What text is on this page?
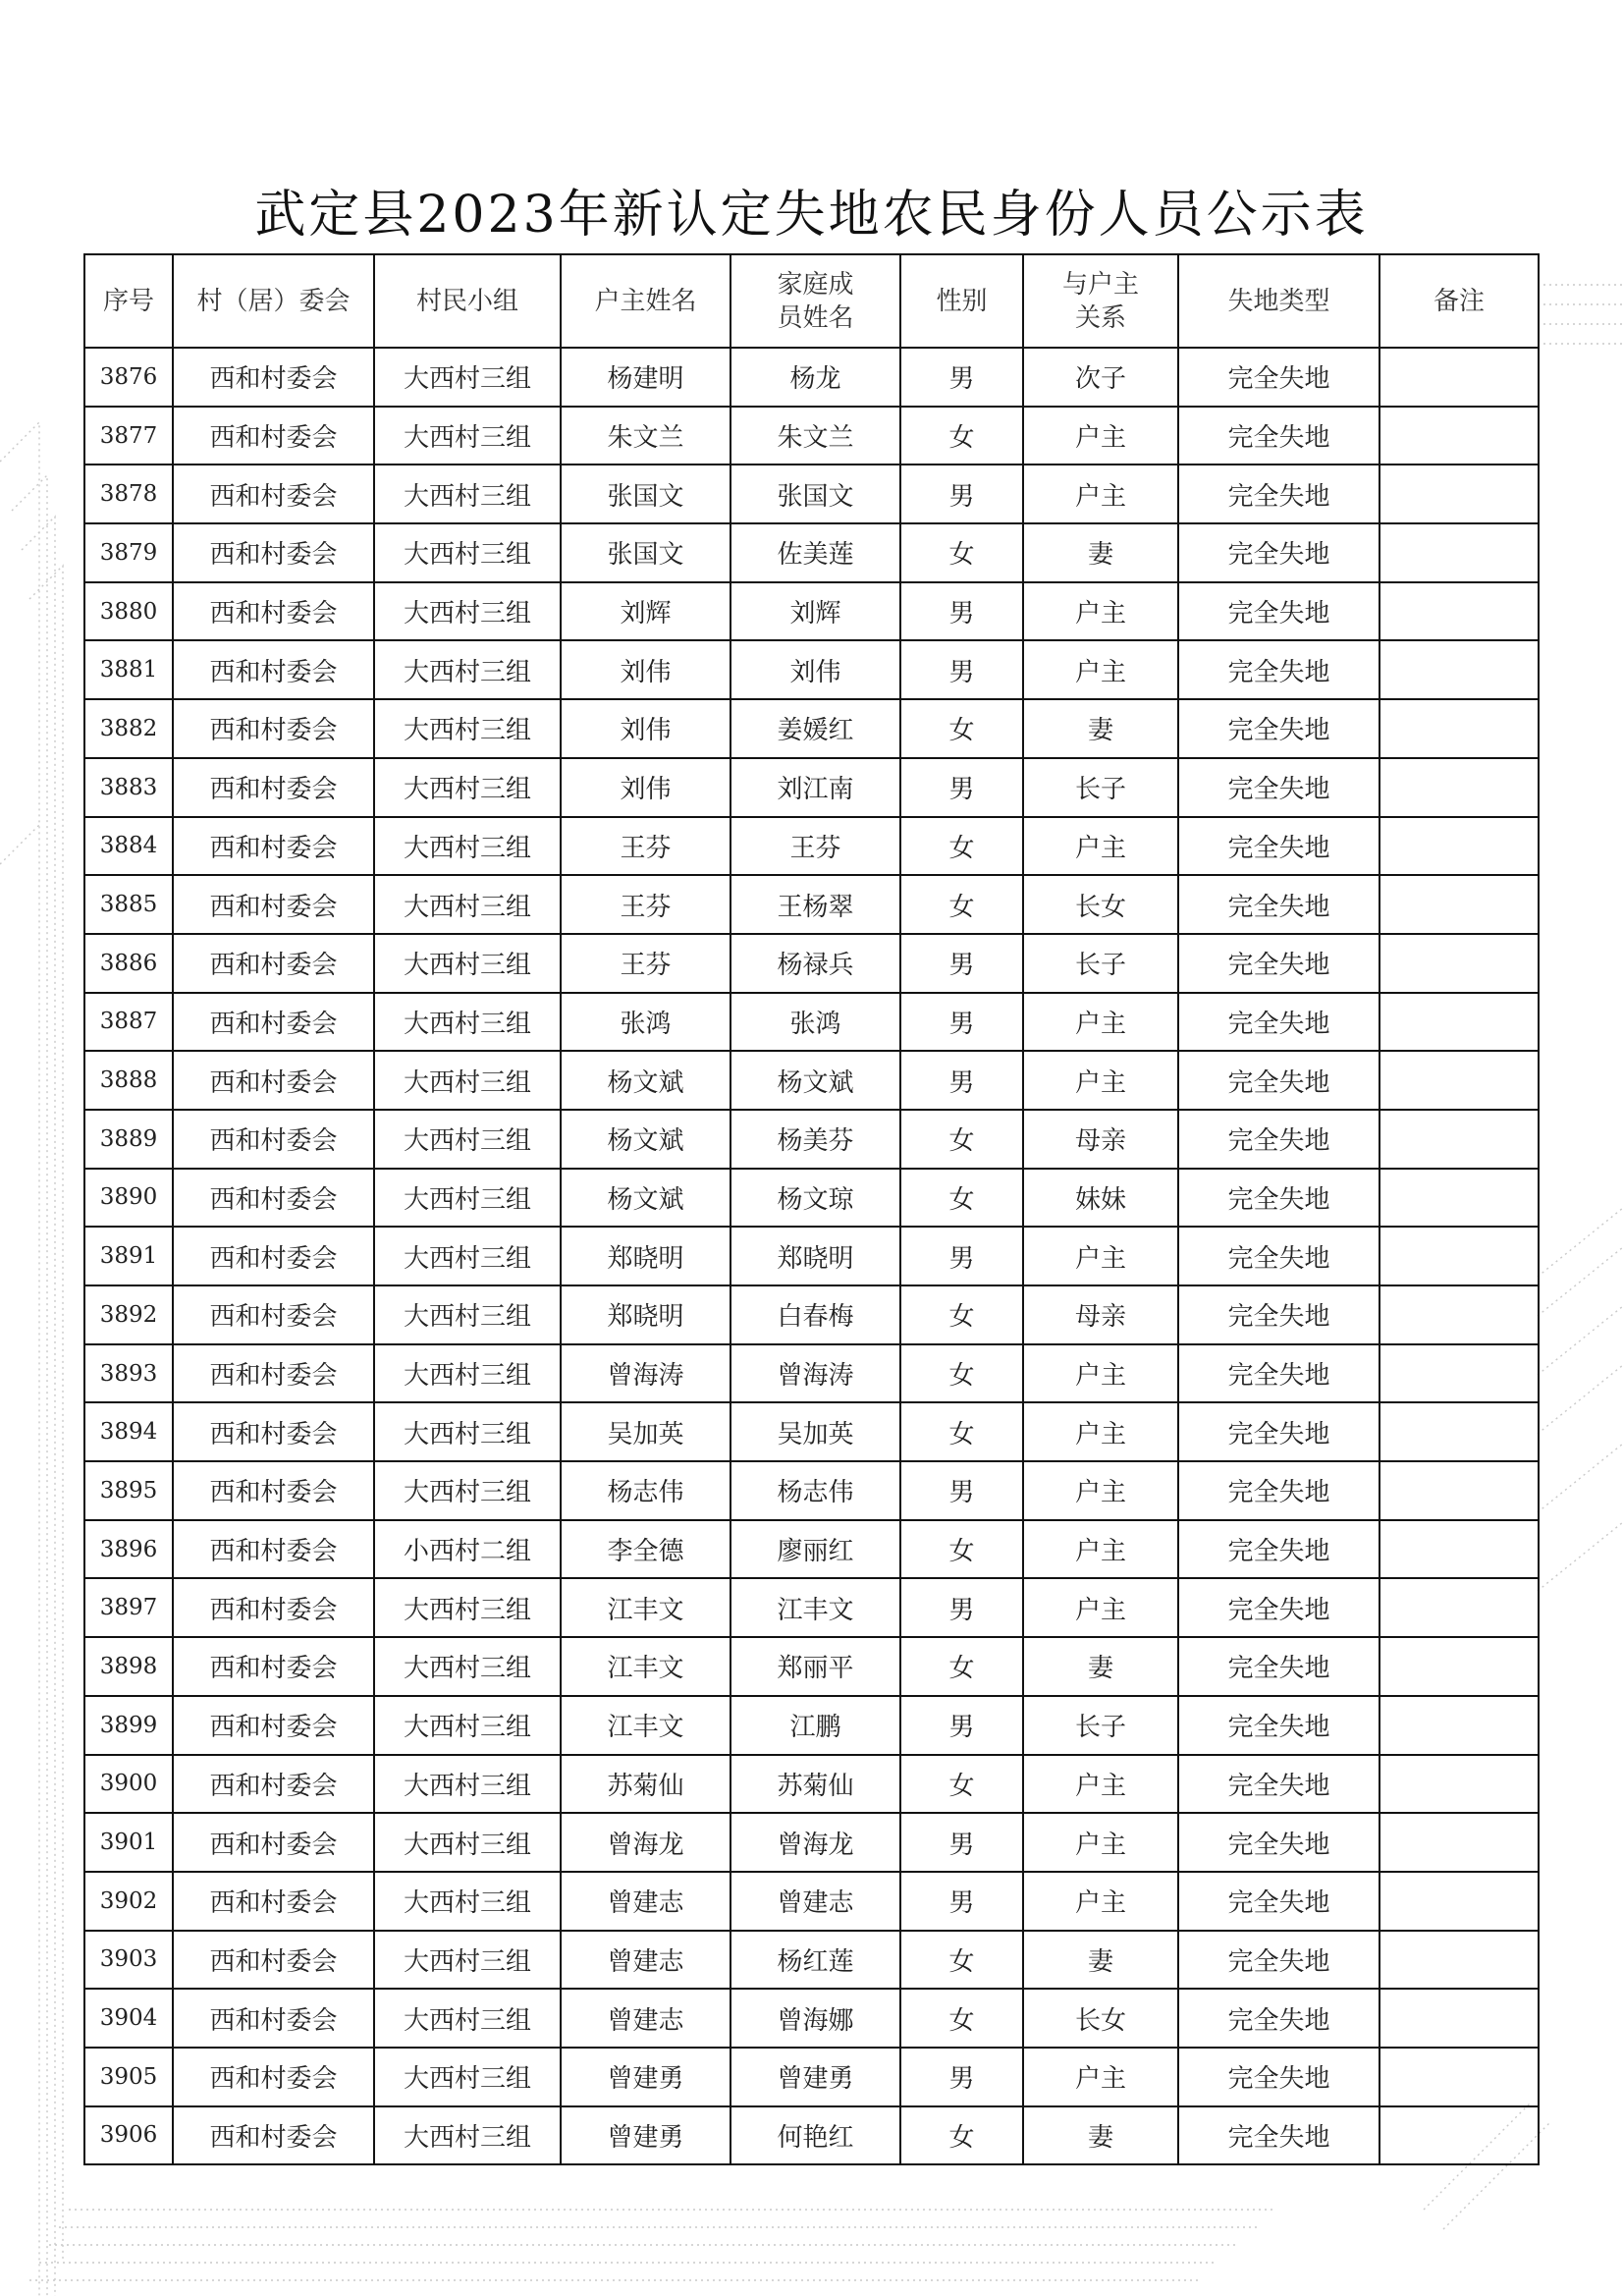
武定县2023年新认定失地农民身份人员公示表
序号	村（居）委会	村民小组	户主姓名	家庭成员姓名	性别	与户主关系	失地类型	备注
3876	西和村委会	大西村三组	杨建明	杨龙	男	次子	完全失地	
3877	西和村委会	大西村三组	朱文兰	朱文兰	女	户主	完全失地	
3878	西和村委会	大西村三组	张国文	张国文	男	户主	完全失地	
3879	西和村委会	大西村三组	张国文	佐美莲	女	妻	完全失地	
3880	西和村委会	大西村三组	刘辉	刘辉	男	户主	完全失地	
3881	西和村委会	大西村三组	刘伟	刘伟	男	户主	完全失地	
3882	西和村委会	大西村三组	刘伟	姜媛红	女	妻	完全失地	
3883	西和村委会	大西村三组	刘伟	刘江南	男	长子	完全失地	
3884	西和村委会	大西村三组	王芬	王芬	女	户主	完全失地	
3885	西和村委会	大西村三组	王芬	王杨翠	女	长女	完全失地	
3886	西和村委会	大西村三组	王芬	杨禄兵	男	长子	完全失地	
3887	西和村委会	大西村三组	张鸿	张鸿	男	户主	完全失地	
3888	西和村委会	大西村三组	杨文斌	杨文斌	男	户主	完全失地	
3889	西和村委会	大西村三组	杨文斌	杨美芬	女	母亲	完全失地	
3890	西和村委会	大西村三组	杨文斌	杨文琼	女	妹妹	完全失地	
3891	西和村委会	大西村三组	郑晓明	郑晓明	男	户主	完全失地	
3892	西和村委会	大西村三组	郑晓明	白春梅	女	母亲	完全失地	
3893	西和村委会	大西村三组	曾海涛	曾海涛	女	户主	完全失地	
3894	西和村委会	大西村三组	吴加英	吴加英	女	户主	完全失地	
3895	西和村委会	大西村三组	杨志伟	杨志伟	男	户主	完全失地	
3896	西和村委会	小西村二组	李全德	廖丽红	女	户主	完全失地	
3897	西和村委会	大西村三组	江丰文	江丰文	男	户主	完全失地	
3898	西和村委会	大西村三组	江丰文	郑丽平	女	妻	完全失地	
3899	西和村委会	大西村三组	江丰文	江鹏	男	长子	完全失地	
3900	西和村委会	大西村三组	苏菊仙	苏菊仙	女	户主	完全失地	
3901	西和村委会	大西村三组	曾海龙	曾海龙	男	户主	完全失地	
3902	西和村委会	大西村三组	曾建志	曾建志	男	户主	完全失地	
3903	西和村委会	大西村三组	曾建志	杨红莲	女	妻	完全失地	
3904	西和村委会	大西村三组	曾建志	曾海娜	女	长女	完全失地	
3905	西和村委会	大西村三组	曾建勇	曾建勇	男	户主	完全失地	
3906	西和村委会	大西村三组	曾建勇	何艳红	女	妻	完全失地	
